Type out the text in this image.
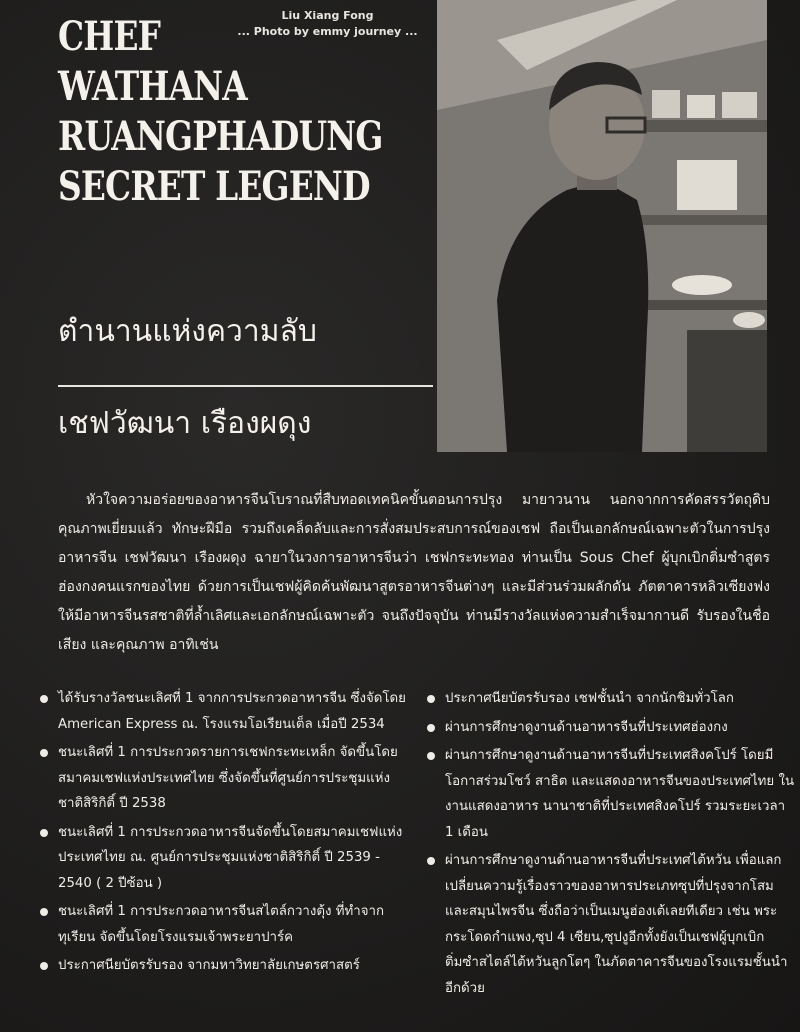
CHEF
WATHANA
RUANGPHADUNG
SECRET LEGEND
Liu Xiang Fong
... Photo by emmy journey ...
ตำนานแห่งความลับ
เชฟวัฒนา เรืองผดุง
หัวใจความอร่อยของอาหารจีนโบราณที่สืบทอดเทคนิคขั้นตอนการปรุง มายาวนาน นอกจากการคัดสรรวัตถุดิบคุณภาพเยี่ยมแล้ว ทักษะฝีมือ รวมถึงเคล็ดลับและการสั่งสมประสบการณ์ของเชฟ ถือเป็นเอกลักษณ์เฉพาะตัวในการปรุงอาหารจีน เชฟวัฒนา เรืองผดุง ฉายาในวงการอาหารจีนว่า เชฟกระทะทอง ท่านเป็น Sous Chef ผู้บุกเบิกติ่มซำสูตรฮ่องกงคนแรกของไทย ด้วยการเป็นเชฟผู้คิดค้นพัฒนาสูตรอาหารจีนต่างๆ และมีส่วนร่วมผลักดัน ภัตตาคารหลิวเซียงฟง ให้มีอาหารจีนรสชาติที่ล้ำเลิศและเอกลักษณ์เฉพาะตัว จนถึงปัจจุบัน ท่านมีรางวัลแห่งความสำเร็จมากานดี รับรองในชื่อเสียง และคุณภาพ อาทิเช่น
ได้รับรางวัลชนะเลิศที่ 1 จากการประกวดอาหารจีน ซึ่งจัดโดย American Express ณ. โรงแรมโอเรียนเต็ล เมื่อปี 2534
ชนะเลิศที่ 1 การประกวดรายการเชฟกระทะเหล็ก จัดขึ้นโดยสมาคมเชฟแห่งประเทศไทย ซึ่งจัดขึ้นที่ศูนย์การประชุมแห่งชาติสิริกิติ์ ปี 2538
ชนะเลิศที่ 1 การประกวดอาหารจีนจัดขึ้นโดยสมาคมเชฟแห่งประเทศไทย ณ. ศูนย์การประชุมแห่งชาติสิริกิติ์ ปี 2539 - 2540 ( 2 ปีซ้อน )
ชนะเลิศที่ 1 การประกวดอาหารจีนสไตล์กวางตุ้ง ที่ทำจากทุเรียน จัดขึ้นโดยโรงแรมเจ้าพระยาปาร์ค
ประกาศนียบัตรรับรอง จากมหาวิทยาลัยเกษตรศาสตร์
ประกาศนียบัตรรับรอง เชฟชั้นนำ จากนักชิมทั่วโลก
ผ่านการศึกษาดูงานด้านอาหารจีนที่ประเทศฮ่องกง
ผ่านการศึกษาดูงานด้านอาหารจีนที่ประเทศสิงคโปร์ โดยมีโอกาสร่วมโชว์ สาธิต และแสดงอาหารจีนของประเทศไทย ในงานแสดงอาหาร นานาชาติที่ประเทศสิงคโปร์ รวมระยะเวลา 1 เดือน
ผ่านการศึกษาดูงานด้านอาหารจีนที่ประเทศไต้หวัน เพื่อแลกเปลี่ยนความรู้เรื่องราวของอาหารประเภทซุปที่ปรุงจากโสมและสมุนไพรจีน ซึ่งถือว่าเป็นเมนูฮ่องเต้เลยทีเดียว เช่น พระกระโดดกำแพง,ซุป 4 เซียน,ซุปงูอีกทั้งยังเป็นเชฟผู้บุกเบิกติ่มซำสไตล์ไต้หวันลูกโตๆ ในภัตตาคารจีนของโรงแรมชั้นนำอีกด้วย
